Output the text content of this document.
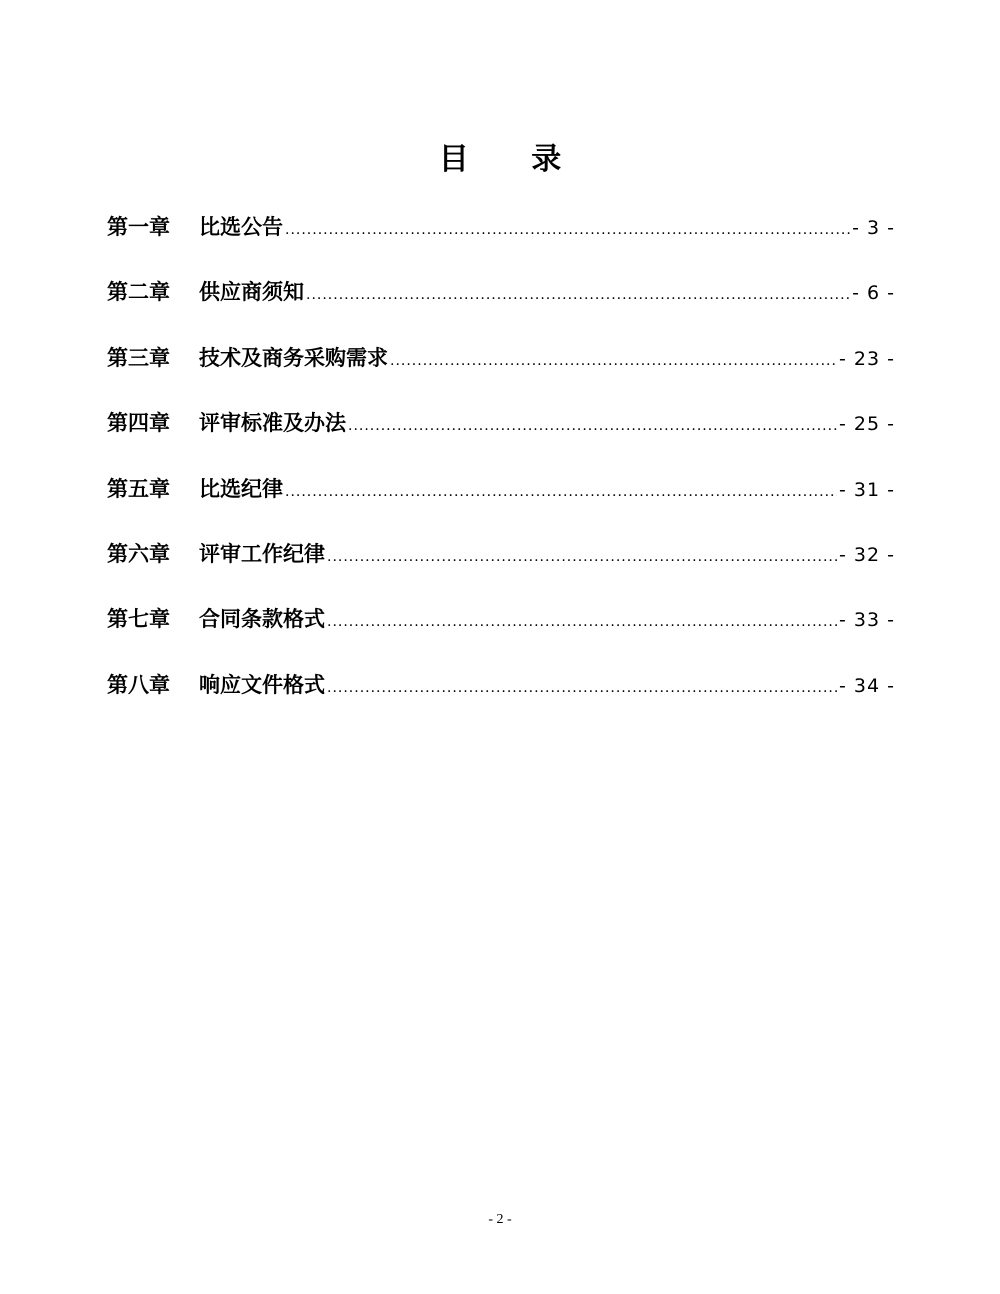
目 录
第一章	比选公告 .....	- 3 -
第二章	供应商须知 .....	- 6 -
第三章	技术及商务采购需求 .....	- 23 -
第四章	评审标准及办法 .....	- 25 -
第五章	比选纪律 .....	- 31 -
第六章	评审工作纪律 .....	- 32 -
第七章	合同条款格式 .....	- 33 -
第八章	响应文件格式 .....	- 34 -
- 2 -
